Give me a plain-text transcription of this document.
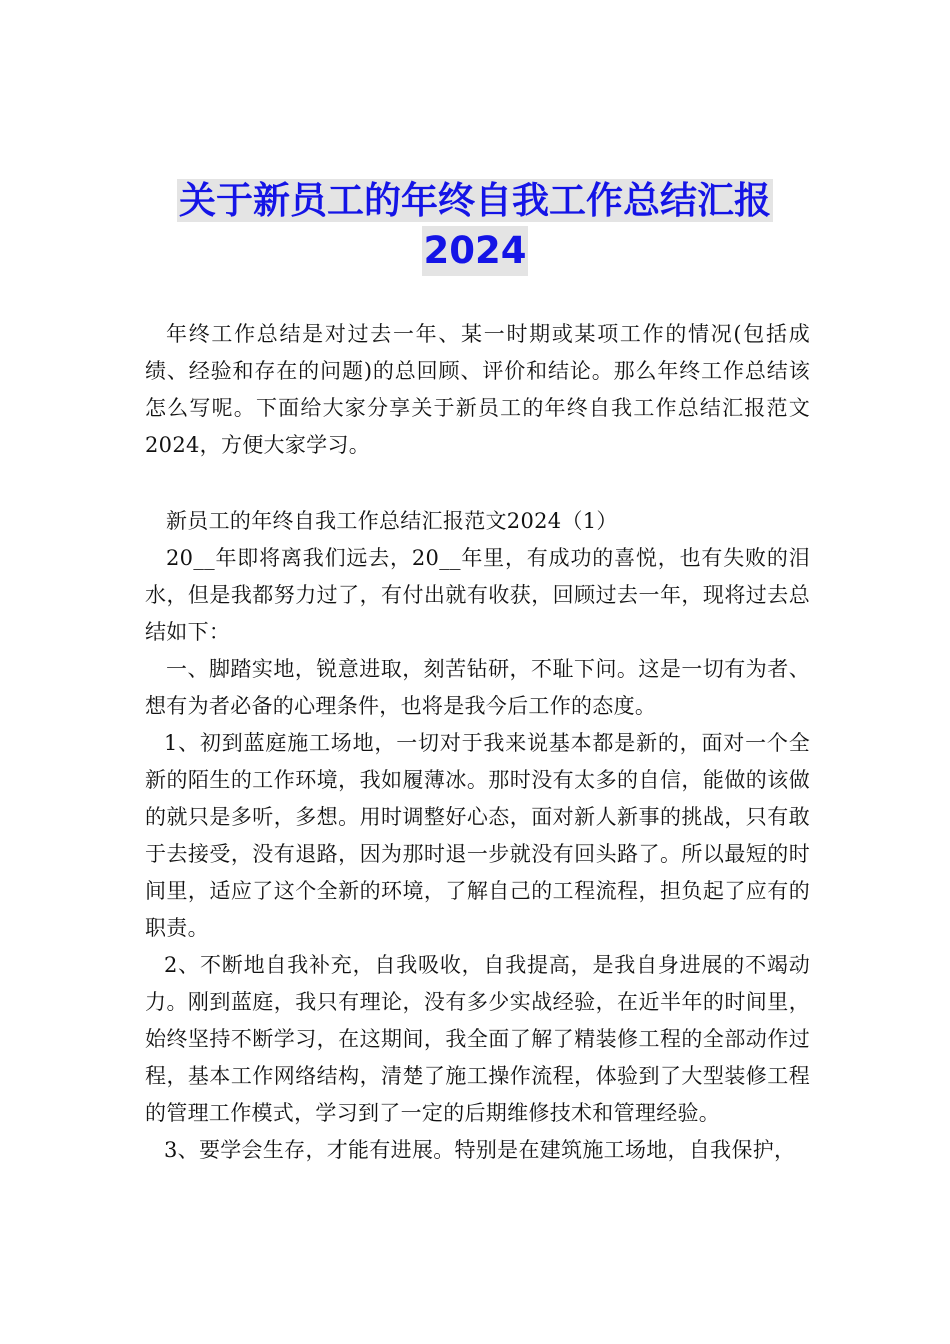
关于新员工的年终自我工作总结汇报 2024

年终工作总结是对过去一年、某一时期或某项工作的情况(包括成绩、经验和存在的问题)的总回顾、评价和结论。那么年终工作总结该怎么写呢。下面给大家分享关于新员工的年终自我工作总结汇报范文2024，方便大家学习。

新员工的年终自我工作总结汇报范文2024（1）

20__年即将离我们远去，20__年里，有成功的喜悦，也有失败的泪水，但是我都努力过了，有付出就有收获，回顾过去一年，现将过去总结如下：

一、脚踏实地，锐意进取，刻苦钻研，不耻下问。这是一切有为者、想有为者必备的心理条件，也将是我今后工作的态度。

1、初到蓝庭施工场地，一切对于我来说基本都是新的，面对一个全新的陌生的工作环境，我如履薄冰。那时没有太多的自信，能做的该做的就只是多听，多想。用时调整好心态，面对新人新事的挑战，只有敢于去接受，没有退路，因为那时退一步就没有回头路了。所以最短的时间里，适应了这个全新的环境，了解自己的工程流程，担负起了应有的职责。

2、不断地自我补充，自我吸收，自我提高，是我自身进展的不竭动力。刚到蓝庭，我只有理论，没有多少实战经验，在近半年的时间里，始终坚持不断学习，在这期间，我全面了解了精装修工程的全部动作过程，基本工作网络结构，清楚了施工操作流程，体验到了大型装修工程的管理工作模式，学习到了一定的后期维修技术和管理经验。

3、要学会生存，才能有进展。特别是在建筑施工场地，自我保护，
